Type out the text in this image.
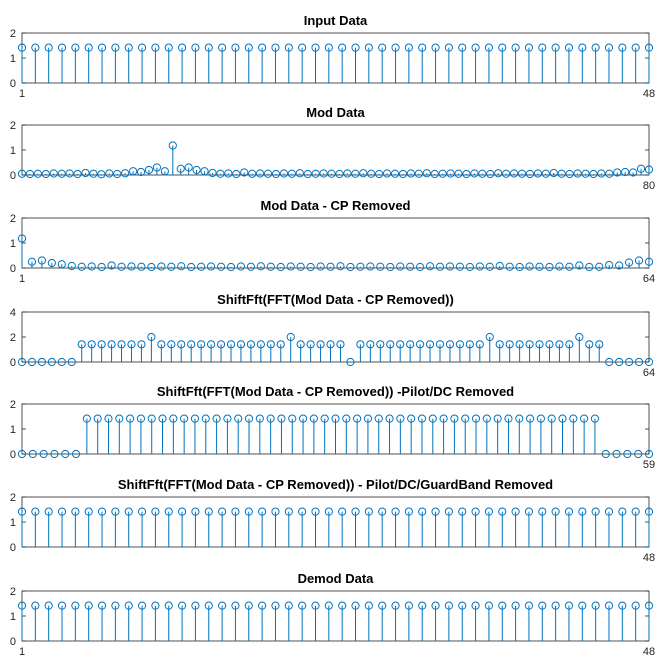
Input Data
0
1
2
1	48
Mod Data
0
1
2
80
Mod Data - CP Removed
0
1
2
1	64
ShiftFft(FFT(Mod Data - CP Removed))
0
2
4
64
ShiftFft(FFT(Mod Data - CP Removed)) -Pilot/DC Removed
0
1
2
59
ShiftFft(FFT(Mod Data - CP Removed)) - Pilot/DC/GuardBand Removed
0
1
2
48
Demod Data
0
1
2
1	48
